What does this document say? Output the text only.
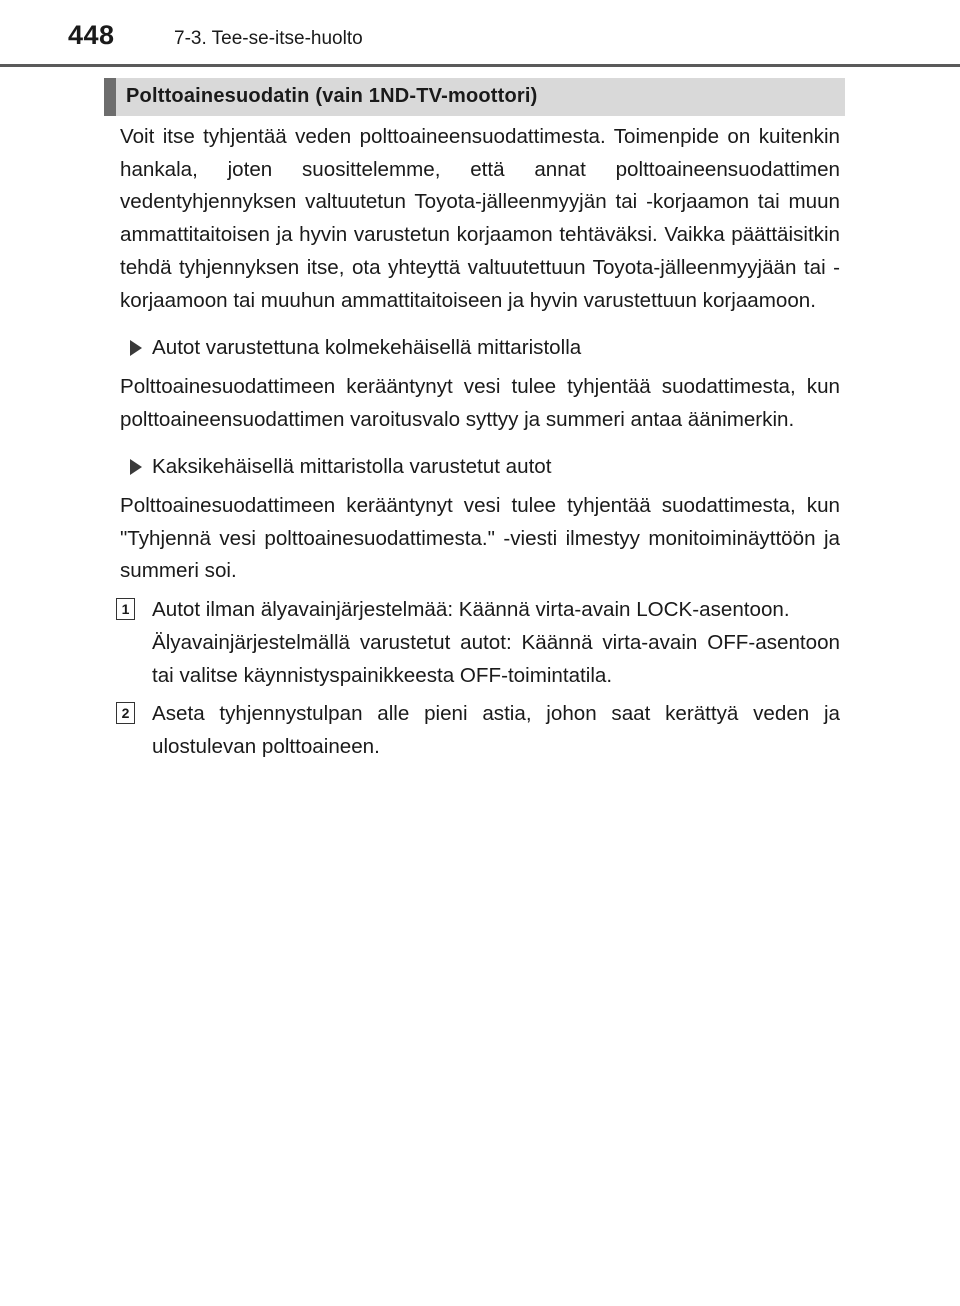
448	7-3. Tee-se-itse-huolto
Polttoainesuodatin (vain 1ND-TV-moottori)

Voit itse tyhjentää veden polttoaineensuodattimesta. Toimenpide on kuitenkin hankala, joten suosittelemme, että annat polttoaineensuodattimen vedentyhjennyksen valtuutetun Toyota-jälleenmyyjän tai -korjaamon tai muun ammattitaitoisen ja hyvin varustetun korjaamon tehtäväksi. Vaikka päättäisitkin tehdä tyhjennyksen itse, ota yhteyttä valtuutettuun Toyota-jälleenmyyjään tai -korjaamoon tai muuhun ammattitaitoiseen ja hyvin varustettuun korjaamoon.

Autot varustettuna kolmekehäisellä mittaristolla

Polttoainesuodattimeen kerääntynyt vesi tulee tyhjentää suodattimesta, kun polttoaineensuodattimen varoitusvalo syttyy ja summeri antaa äänimerkin.

Kaksikehäisellä mittaristolla varustetut autot

Polttoainesuodattimeen kerääntynyt vesi tulee tyhjentää suodattimesta, kun "Tyhjennä vesi polttoainesuodattimesta." -viesti ilmestyy monitoiminäyttöön ja summeri soi.

1 Autot ilman älyavainjärjestelmää: Käännä virta-avain LOCK-asentoon.

Älyavainjärjestelmällä varustetut autot: Käännä virta-avain OFF-asentoon tai valitse käynnistyspainikkeesta OFF-toimintatila.

2 Aseta tyhjennystulpan alle pieni astia, johon saat kerättyä veden ja ulostulevan polttoaineen.
